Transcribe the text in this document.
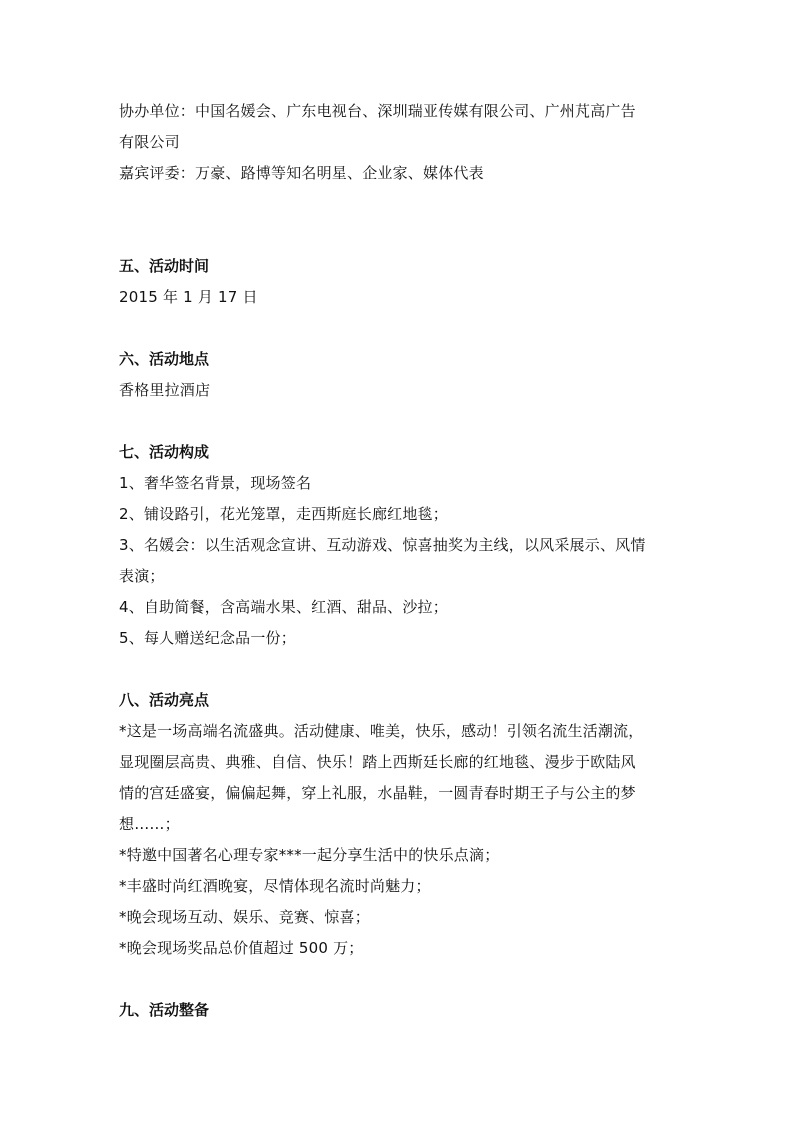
协办单位：中国名媛会、广东电视台、深圳瑞亚传媒有限公司、广州芃高广告
有限公司
嘉宾评委：万豪、路博等知名明星、企业家、媒体代表
五、活动时间
2015 年 1 月 17 日
六、活动地点
香格里拉酒店
七、活动构成
1、奢华签名背景，现场签名
2、铺设路引，花光笼罩，走西斯庭长廊红地毯；
3、名媛会：以生活观念宣讲、互动游戏、惊喜抽奖为主线，以风采展示、风情
表演；
4、自助简餐，含高端水果、红酒、甜品、沙拉；
5、每人赠送纪念品一份；
八、活动亮点
*这是一场高端名流盛典。活动健康、唯美，快乐，感动！引领名流生活潮流，
显现圈层高贵、典雅、自信、快乐！踏上西斯廷长廊的红地毯、漫步于欧陆风
情的宫廷盛宴，偏偏起舞，穿上礼服，水晶鞋，一圆青春时期王子与公主的梦
想……；
*特邀中国著名心理专家***一起分享生活中的快乐点滴；
*丰盛时尚红酒晚宴，尽情体现名流时尚魅力；
*晚会现场互动、娱乐、竞赛、惊喜；
*晚会现场奖品总价值超过 500 万；
九、活动整备
